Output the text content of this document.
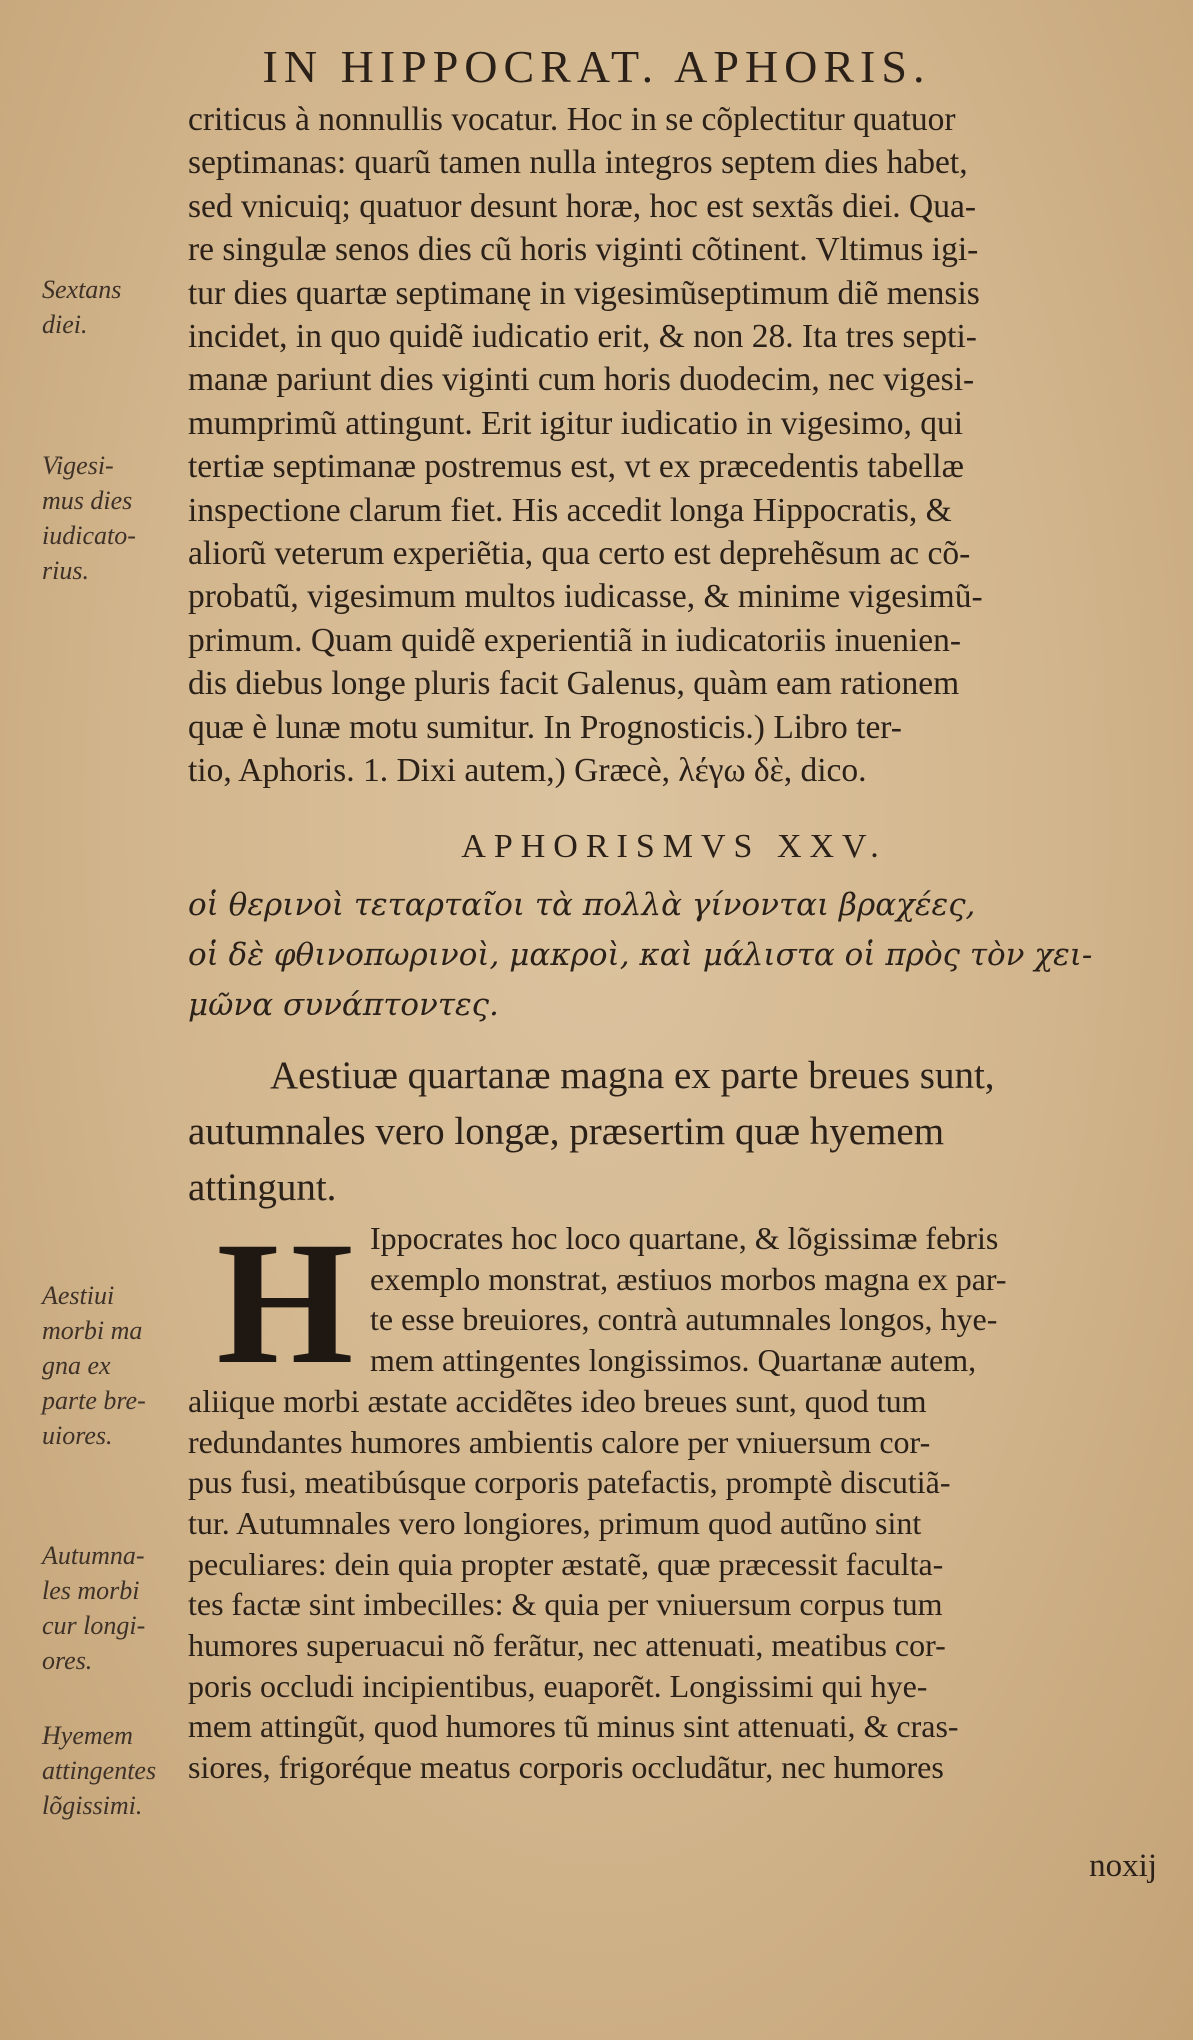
IN HIPPOCRAT. APHORIS.
Sextans
diei.
Vigesi-
mus dies
iudicato-
rius.
Aestiui
morbi ma
gna ex
parte bre-
uiores.
Autumna-
les morbi
cur longi-
ores.
Hyemem
attingentes
lõgissimi.
criticus à nonnullis vocatur. Hoc in se cõplectitur quatuor
septimanas: quarũ tamen nulla integros septem dies habet,
sed vnicuiq; quatuor desunt horæ, hoc est sextãs diei. Qua-
re singulæ senos dies cũ horis viginti cõtinent. Vltimus igi-
tur dies quartæ septimanę in vigesimũseptimum diẽ mensis
incidet, in quo quidẽ iudicatio erit, & non 28. Ita tres septi-
manæ pariunt dies viginti cum horis duodecim, nec vigesi-
mumprimũ attingunt. Erit igitur iudicatio in vigesimo, qui
tertiæ septimanæ postremus est, vt ex præcedentis tabellæ
inspectione clarum fiet. His accedit longa Hippocratis, &
aliorũ veterum experiẽtia, qua certo est deprehẽsum ac cõ-
probatũ, vigesimum multos iudicasse, & minime vigesimũ-
primum. Quam quidẽ experientiã in iudicatoriis inuenien-
dis diebus longe pluris facit Galenus, quàm eam rationem
quæ è lunæ motu sumitur. In Prognosticis.) Libro ter-
tio, Aphoris. 1. Dixi autem,) Græcè, λέγω δὲ, dico.
APHORISMVS XXV.
οἱ θερινοὶ τεταρταῖοι τὰ πολλὰ γίνονται βραχέες,
οἱ δὲ φθινοπωρινοὶ, μακροὶ, καὶ μάλιστα οἱ πρὸς τὸν χει-
μῶνα συνάπτοντες.
Aestiuæ quartanæ magna ex parte breues sunt,
autumnales vero longæ, præsertim quæ hyemem
attingunt.
H Ippocrates hoc loco quartane, & lõgissimæ febris
exemplo monstrat, æstiuos morbos magna ex par-
te esse breuiores, contrà autumnales longos, hye-
mem attingentes longissimos. Quartanæ autem,
aliique morbi æstate accidẽtes ideo breues sunt, quod tum
redundantes humores ambientis calore per vniuersum cor-
pus fusi, meatibúsque corporis patefactis, promptè discutiã-
tur. Autumnales vero longiores, primum quod autũno sint
peculiares: dein quia propter æstatẽ, quæ præcessit faculta-
tes factæ sint imbecilles: & quia per vniuersum corpus tum
humores superuacui nõ ferãtur, nec attenuati, meatibus cor-
poris occludi incipientibus, euaporẽt. Longissimi qui hye-
mem attingũt, quod humores tũ minus sint attenuati, & cras-
siores, frigoréque meatus corporis occludãtur, nec humores
noxij
